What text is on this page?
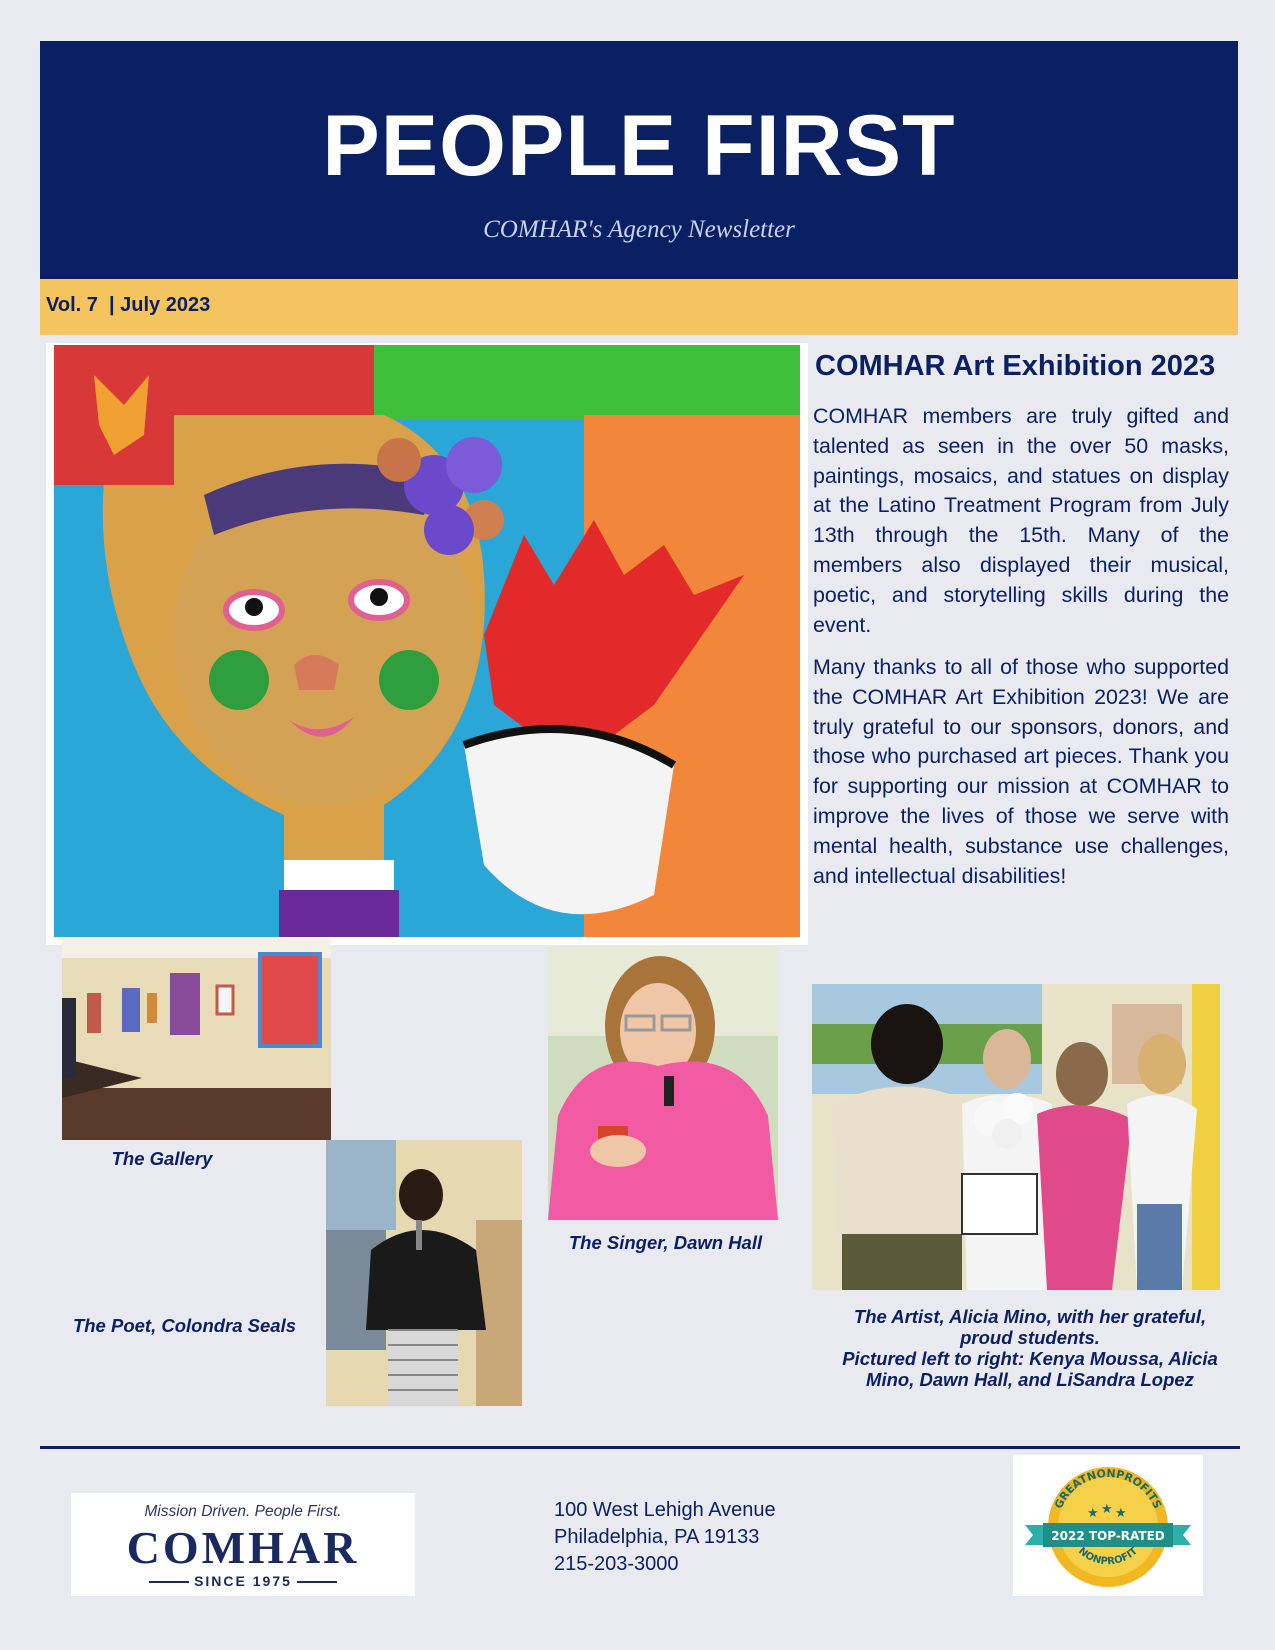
PEOPLE FIRST
COMHAR's Agency Newsletter
Vol. 7  | July 2023
COMHAR Art Exhibition 2023
COMHAR members are truly gifted and talented as seen in the over 50 masks, paintings, mosaics, and statues on display at the Latino Treatment Program from July 13th through the 15th. Many of the members also displayed their musical, poetic, and storytelling skills during the event.
Many thanks to all of those who supported the COMHAR Art Exhibition 2023! We are truly grateful to our sponsors, donors, and those who purchased art pieces. Thank you for supporting our mission at COMHAR to improve the lives of those we serve with mental health, substance use challenges, and intellectual disabilities!
The Gallery
The Poet, Colondra Seals
The Singer, Dawn Hall
The Artist, Alicia Mino, with her grateful, proud students.
Pictured left to right: Kenya Moussa, Alicia Mino, Dawn Hall, and LiSandra Lopez
Mission Driven. People First.
COMHAR
SINCE 1975
100 West Lehigh Avenue
Philadelphia, PA 19133
215-203-3000
GREATNONPROFITS
★ ★ ★
2022 TOP-RATED
NONPROFIT
